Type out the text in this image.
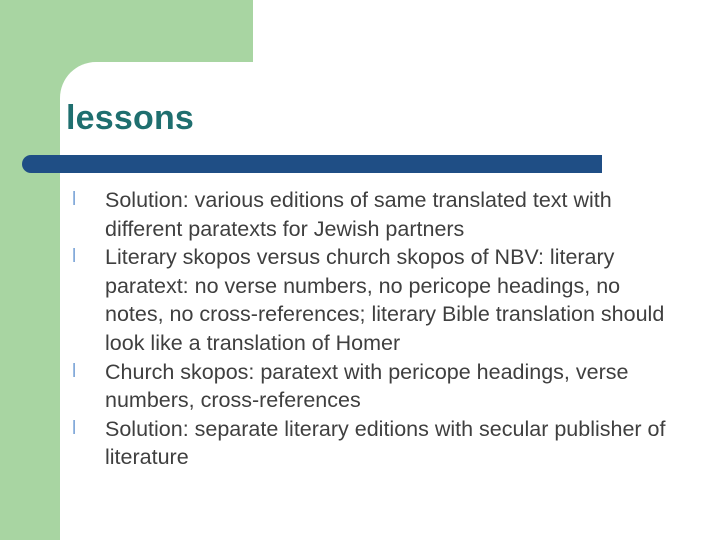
lessons
l Solution: various editions of same translated text with different paratexts for Jewish partners
l Literary skopos versus church skopos of NBV: literary paratext: no verse numbers, no pericope headings, no notes, no cross-references; literary Bible translation should look like a translation of Homer
l Church skopos: paratext with pericope headings, verse numbers, cross-references
l Solution: separate literary editions with secular publisher of literature
